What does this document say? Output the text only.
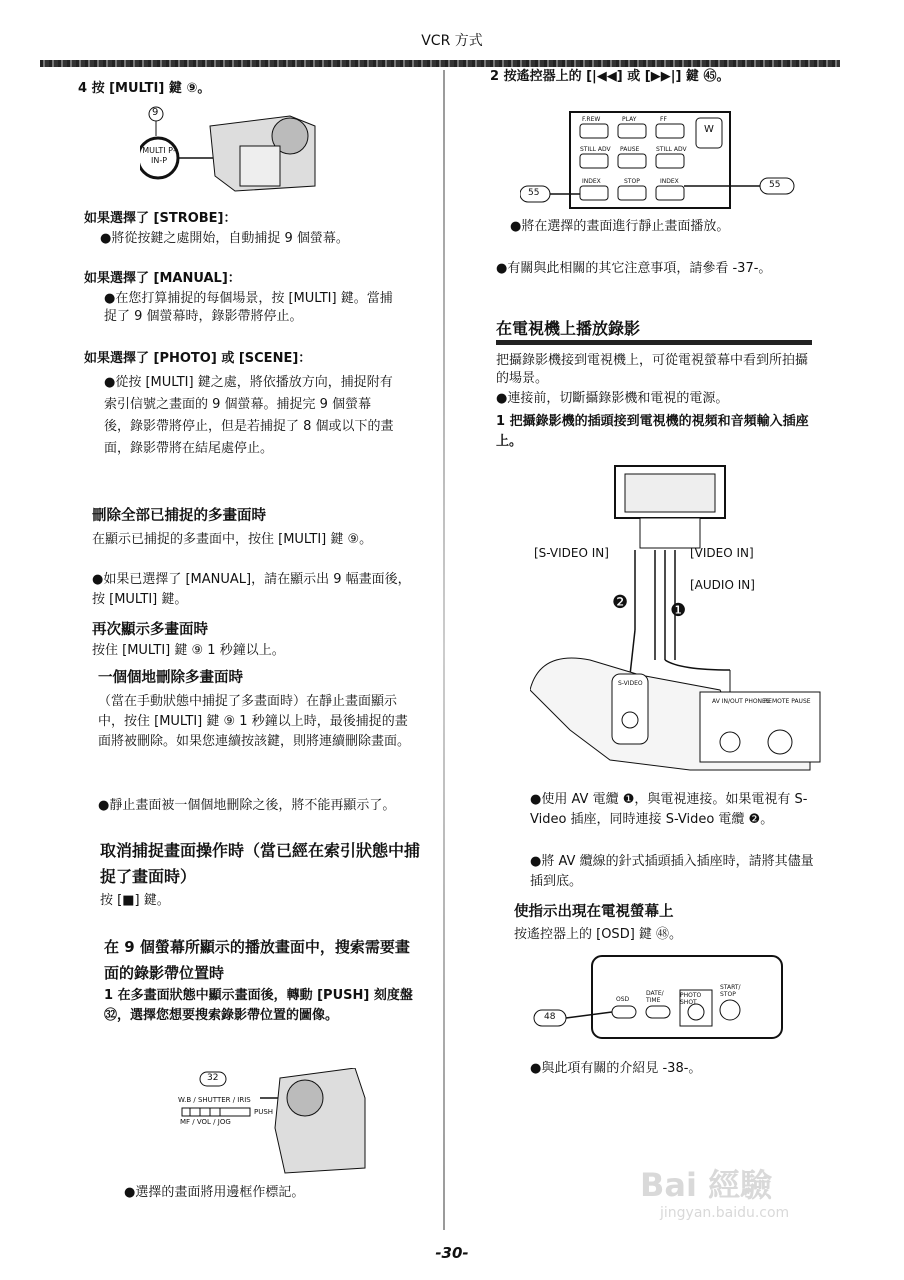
VCR 方式
4 按 [MULTI] 鍵 ⑨。
9
MULTI P-IN-P
如果選擇了 [STROBE]：
●將從按鍵之處開始，自動捕捉 9 個螢幕。
如果選擇了 [MANUAL]：
●在您打算捕捉的每個場景，按 [MULTI] 鍵。當捕捉了 9 個螢幕時，錄影帶將停止。
如果選擇了 [PHOTO] 或 [SCENE]：
●從按 [MULTI] 鍵之處，將依播放方向，捕捉附有索引信號之畫面的 9 個螢幕。捕捉完 9 個螢幕後，錄影帶將停止，但是若捕捉了 8 個或以下的畫面，錄影帶將在結尾處停止。
刪除全部已捕捉的多畫面時
在顯示已捕捉的多畫面中，按住 [MULTI] 鍵 ⑨。
●如果已選擇了 [MANUAL]，請在顯示出 9 幅畫面後，按 [MULTI] 鍵。
再次顯示多畫面時
按住 [MULTI] 鍵 ⑨ 1 秒鐘以上。
一個個地刪除多畫面時
（當在手動狀態中捕捉了多畫面時）在靜止畫面顯示中，按住 [MULTI] 鍵 ⑨ 1 秒鐘以上時，最後捕捉的畫面將被刪除。如果您連續按該鍵，則將連續刪除畫面。
●靜止畫面被一個個地刪除之後，將不能再顯示了。
取消捕捉畫面操作時（當已經在索引狀態中捕捉了畫面時）
按 [■] 鍵。
在 9 個螢幕所顯示的播放畫面中，搜索需要畫面的錄影帶位置時
1 在多畫面狀態中顯示畫面後，轉動 [PUSH] 刻度盤 ㉜，選擇您想要搜索錄影帶位置的圖像。
32
W.B / SHUTTER / IRIS
MF / VOL / JOG
PUSH
●選擇的畫面將用邊框作標記。
2 按遙控器上的 [|◀◀] 或 [▶▶|] 鍵 ㊺。
F.REW	PLAY	FF
STILL ADV PAUSE	STILL ADV
INDEX	STOP	INDEX
W
55
55
●將在選擇的畫面進行靜止畫面播放。
●有關與此相關的其它注意事項，請參看 -37-。
在電視機上播放錄影
把攝錄影機接到電視機上，可從電視螢幕中看到所拍攝的場景。
●連接前，切斷攝錄影機和電視的電源。
1 把攝錄影機的插頭接到電視機的視頻和音頻輸入插座上。
[S-VIDEO IN]	[VIDEO IN]
[AUDIO IN]
❷ ❶
S-VIDEO
AV IN/OUT PHONES
REMOTE PAUSE
●使用 AV 電纜 ❶，與電視連接。如果電視有 S-Video 插座，同時連接 S-Video 電纜 ❷。
●將 AV 纜線的針式插頭插入插座時，請將其儘量插到底。
使指示出現在電視螢幕上
按遙控器上的 [OSD] 鍵 ㊽。
OSD
DATE/ TIME
PHOTO SHOT
START/ STOP
48
●與此項有關的介紹見 -38-。
Bai 經驗
jingyan.baidu.com
-30-
